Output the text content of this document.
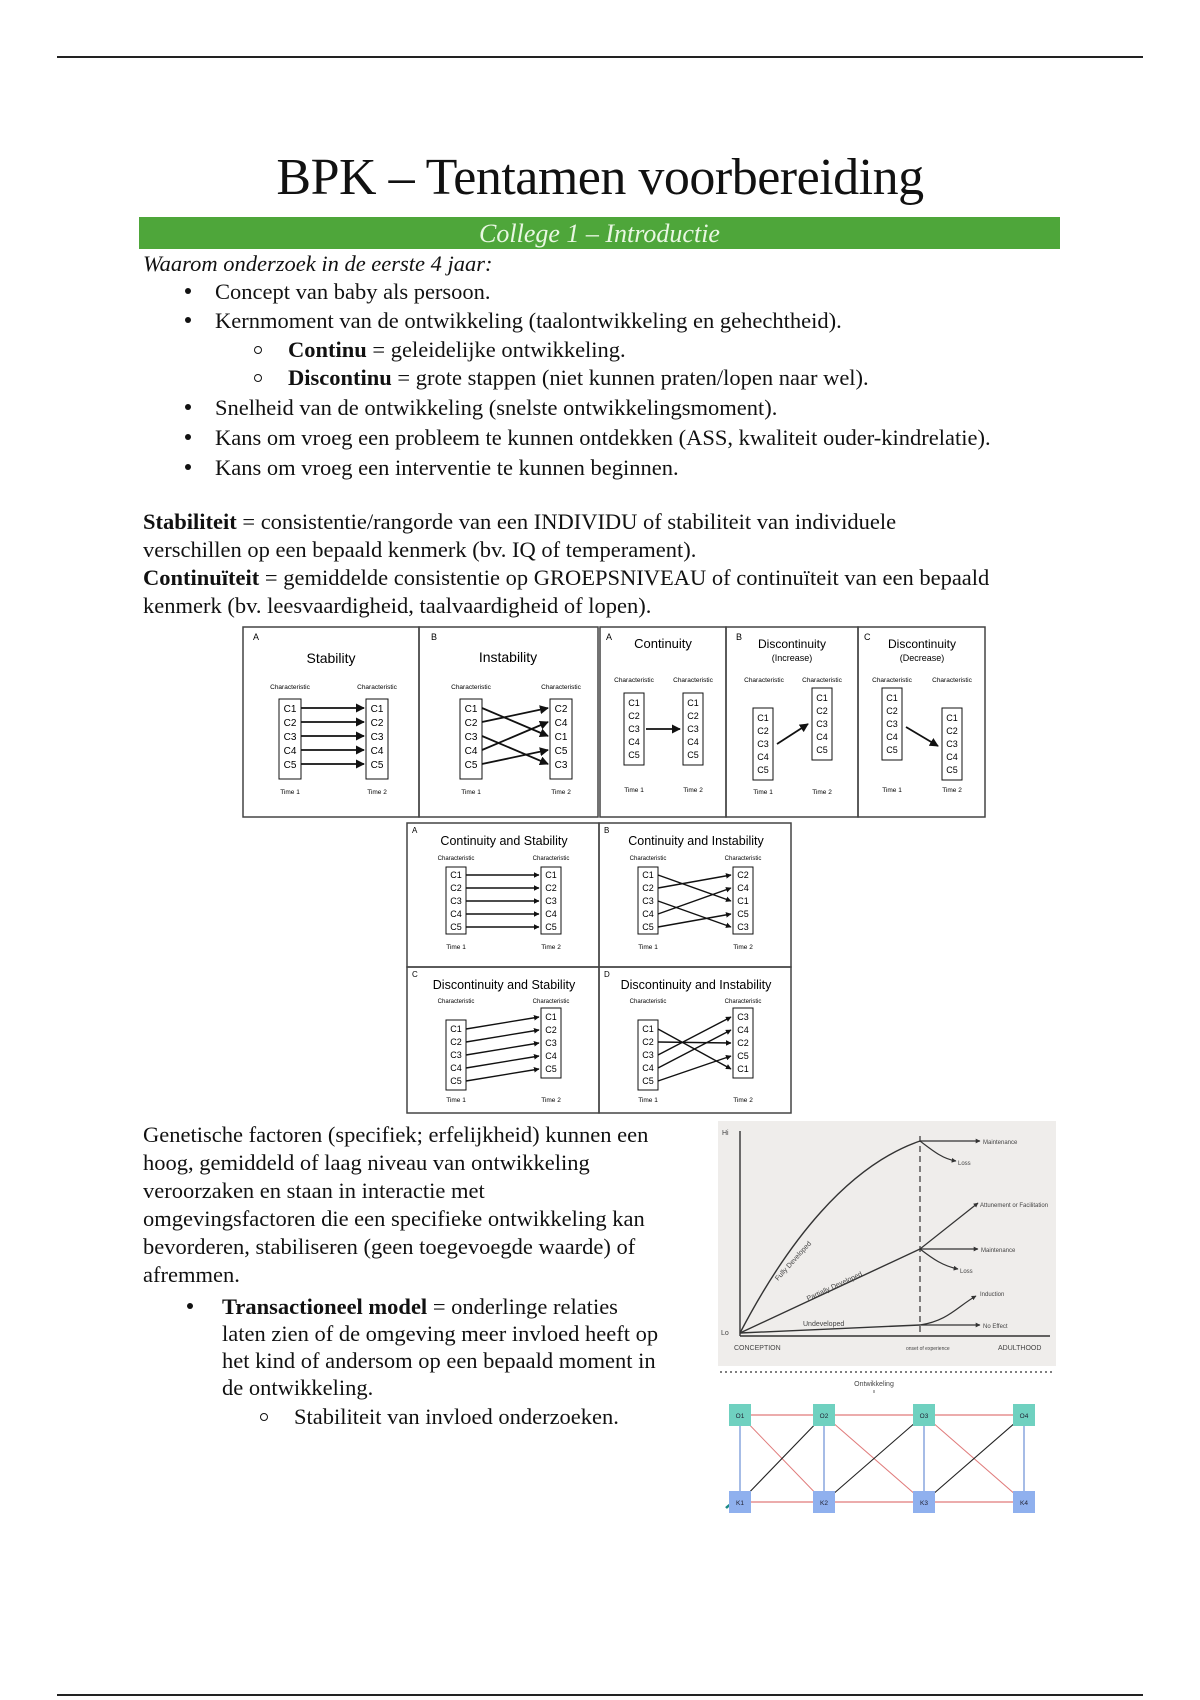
BPK – Tentamen voorbereiding
College 1 – Introductie
Waarom onderzoek in de eerste 4 jaar:
Concept van baby als persoon.
Kernmoment van de ontwikkeling (taalontwikkeling en gehechtheid).
Continu = geleidelijke ontwikkeling.
Discontinu = grote stappen (niet kunnen praten/lopen naar wel).
Snelheid van de ontwikkeling (snelste ontwikkelingsmoment).
Kans om vroeg een probleem te kunnen ontdekken (ASS, kwaliteit ouder-kindrelatie).
Kans om vroeg een interventie te kunnen beginnen.
Stabiliteit = consistentie/rangorde van een INDIVIDU of stabiliteit van individuele
verschillen op een bepaald kenmerk (bv. IQ of temperament).
Continuïteit = gemiddelde consistentie op GROEPSNIVEAU of continuïteit van een bepaald
kenmerk (bv. leesvaardigheid, taalvaardigheid of lopen).
A	B	A	B	C
Stability	Instability
Continuity	Discontinuity
(Increase)
Discontinuity
(Decrease)
Characteristic	Characteristic	Characteristic	Characteristic
Characteristic	Characteristic	Characteristic	Characteristic	Characteristic	Characteristic
C1
C2
C3
C4
C5
C1
C2
C3
C4
C5
C1
C2
C3
C4
C5
C2
C4
C1
C5
C3
C1
C2
C3
C4
C5
C1
C2
C3
C4
C5
C1
C2
C3
C4
C5
C1
C2
C3
C4
C5
C1
C2
C3
C4
C5
C1
C2
C3
C4
C5
Time 1	Time 2	Time 1	Time 2	Time 1	Time 2	Time 1	Time 2	Time 1	Time 2
A	B
C	D
Continuity and Stability	Continuity and Instability
Discontinuity and Stability	Discontinuity and Instability
Characteristic	Characteristic	Characteristic	Characteristic
Characteristic	Characteristic	Characteristic	Characteristic
C1
C2
C3
C4
C5
C1
C2
C3
C4
C5
C1
C2
C3
C4
C5
C2
C4
C1
C5
C3
C1
C2
C3
C4
C5
C1
C2
C3
C4
C5
C1
C2
C3
C4
C5
C3
C4
C2
C5
C1
Time 1	Time 2	Time 1	Time 2
Time 1	Time 2	Time 1	Time 2
Genetische factoren (specifiek; erfelijkheid) kunnen een
hoog, gemiddeld of laag niveau van ontwikkeling
veroorzaken en staan in interactie met
omgevingsfactoren die een specifieke ontwikkeling kan
bevorderen, stabiliseren (geen toegevoegde waarde) of
afremmen.
Transactioneel model = onderlinge relaties
laten zien of de omgeving meer invloed heeft op
het kind of andersom op een bepaald moment in
de ontwikkeling.
Stabiliteit van invloed onderzoeken.
Hi
Lo
CONCEPTION	ADULTHOOD
onset of experience
Maintenance
Loss
Attunement or Facilitation
Maintenance
Loss
Induction
No Effect
Fully Developed
Partially Developed
Undeveloped
Ontwikkeling
O1	O2	O3	O4
K1	K2	K3	K4
